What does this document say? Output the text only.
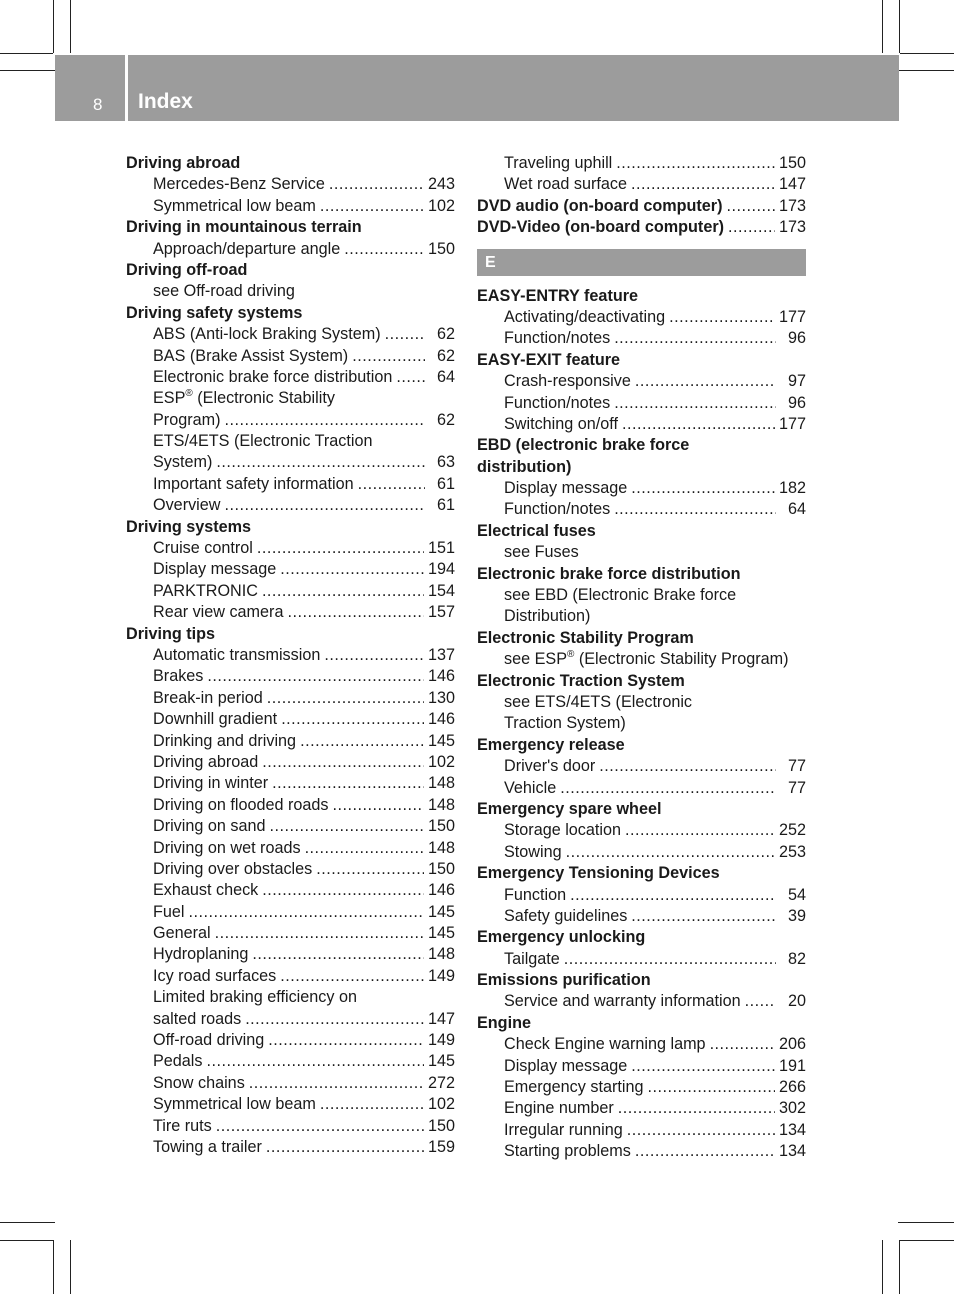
8 Index
Driving abroad
Mercedes-Benz Service .....	243
Symmetrical low beam .....	102
Driving in mountainous terrain
Approach/departure angle .....	150
Driving off-road
see Off-road driving
Driving safety systems
ABS (Anti-lock Braking System) .....	62
BAS (Brake Assist System) .....	62
Electronic brake force distribution .....	64
ESP® (Electronic Stability
Program) .....	62
ETS/4ETS (Electronic Traction
System) .....	63
Important safety information .....	61
Overview .....	61
Driving systems
Cruise control .....	151
Display message .....	194
PARKTRONIC .....	154
Rear view camera .....	157
Driving tips
Automatic transmission .....	137
Brakes .....	146
Break-in period .....	130
Downhill gradient .....	146
Drinking and driving .....	145
Driving abroad .....	102
Driving in winter .....	148
Driving on flooded roads .....	148
Driving on sand .....	150
Driving on wet roads .....	148
Driving over obstacles .....	150
Exhaust check .....	146
Fuel .....	145
General .....	145
Hydroplaning .....	148
Icy road surfaces .....	149
Limited braking efficiency on
salted roads .....	147
Off-road driving .....	149
Pedals .....	145
Snow chains .....	272
Symmetrical low beam .....	102
Tire ruts .....	150
Towing a trailer .....	159
Traveling uphill .....	150
Wet road surface .....	147
DVD audio (on-board computer) .....	173
DVD-Video (on-board computer) .....	173
E
EASY-ENTRY feature
Activating/deactivating .....	177
Function/notes .....	96
EASY-EXIT feature
Crash-responsive .....	97
Function/notes .....	96
Switching on/off .....	177
EBD (electronic brake force
distribution)
Display message .....	182
Function/notes .....	64
Electrical fuses
see Fuses
Electronic brake force distribution
see EBD (Electronic Brake force
Distribution)
Electronic Stability Program
see ESP® (Electronic Stability Program)
Electronic Traction System
see ETS/4ETS (Electronic
Traction System)
Emergency release
Driver's door .....	77
Vehicle .....	77
Emergency spare wheel
Storage location .....	252
Stowing .....	253
Emergency Tensioning Devices
Function .....	54
Safety guidelines .....	39
Emergency unlocking
Tailgate .....	82
Emissions purification
Service and warranty information .....	20
Engine
Check Engine warning lamp .....	206
Display message .....	191
Emergency starting .....	266
Engine number .....	302
Irregular running .....	134
Starting problems .....	134
